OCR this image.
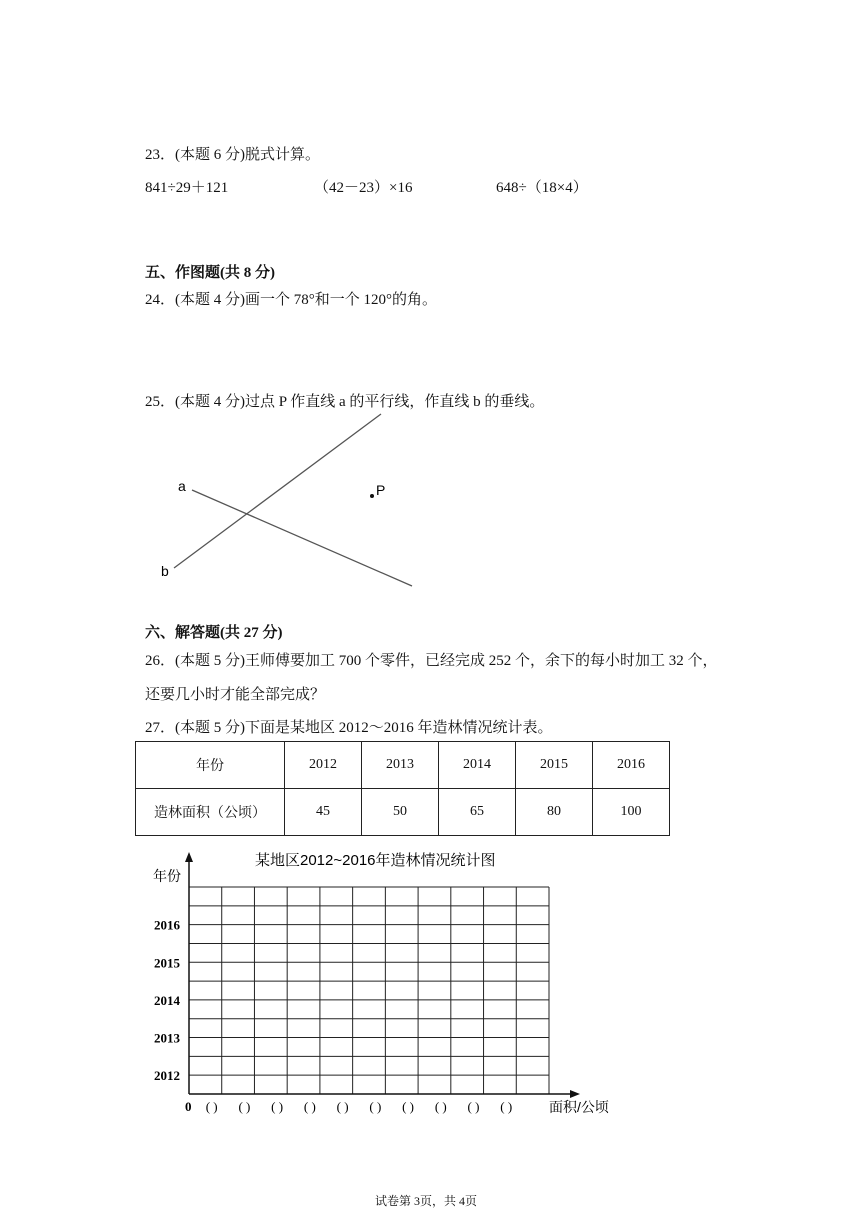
23．(本题 6 分)脱式计算。
841÷29＋121	（42－23）×16	648÷（18×4）
五、作图题(共 8 分)
24．(本题 4 分)画一个 78°和一个 120°的角。
25．(本题 4 分)过点 P 作直线 a 的平行线，作直线 b 的垂线。
a
b
P
六、解答题(共 27 分)
26．(本题 5 分)王师傅要加工 700 个零件，已经完成 252 个，余下的每小时加工 32 个，
还要几小时才能全部完成？
27．(本题 5 分)下面是某地区 2012～2016 年造林情况统计表。
年份	2012	2013	2014	2015	2016
造林面积（公顷）	45	50	65	80	100
某地区2012~2016年造林情况统计图
年份
0	面积/公顷
2016
2015
2014
2013
2012
( ) ( ) ( ) ( ) ( ) ( ) ( ) ( ) ( ) ( )
试卷第 3页，共 4页
